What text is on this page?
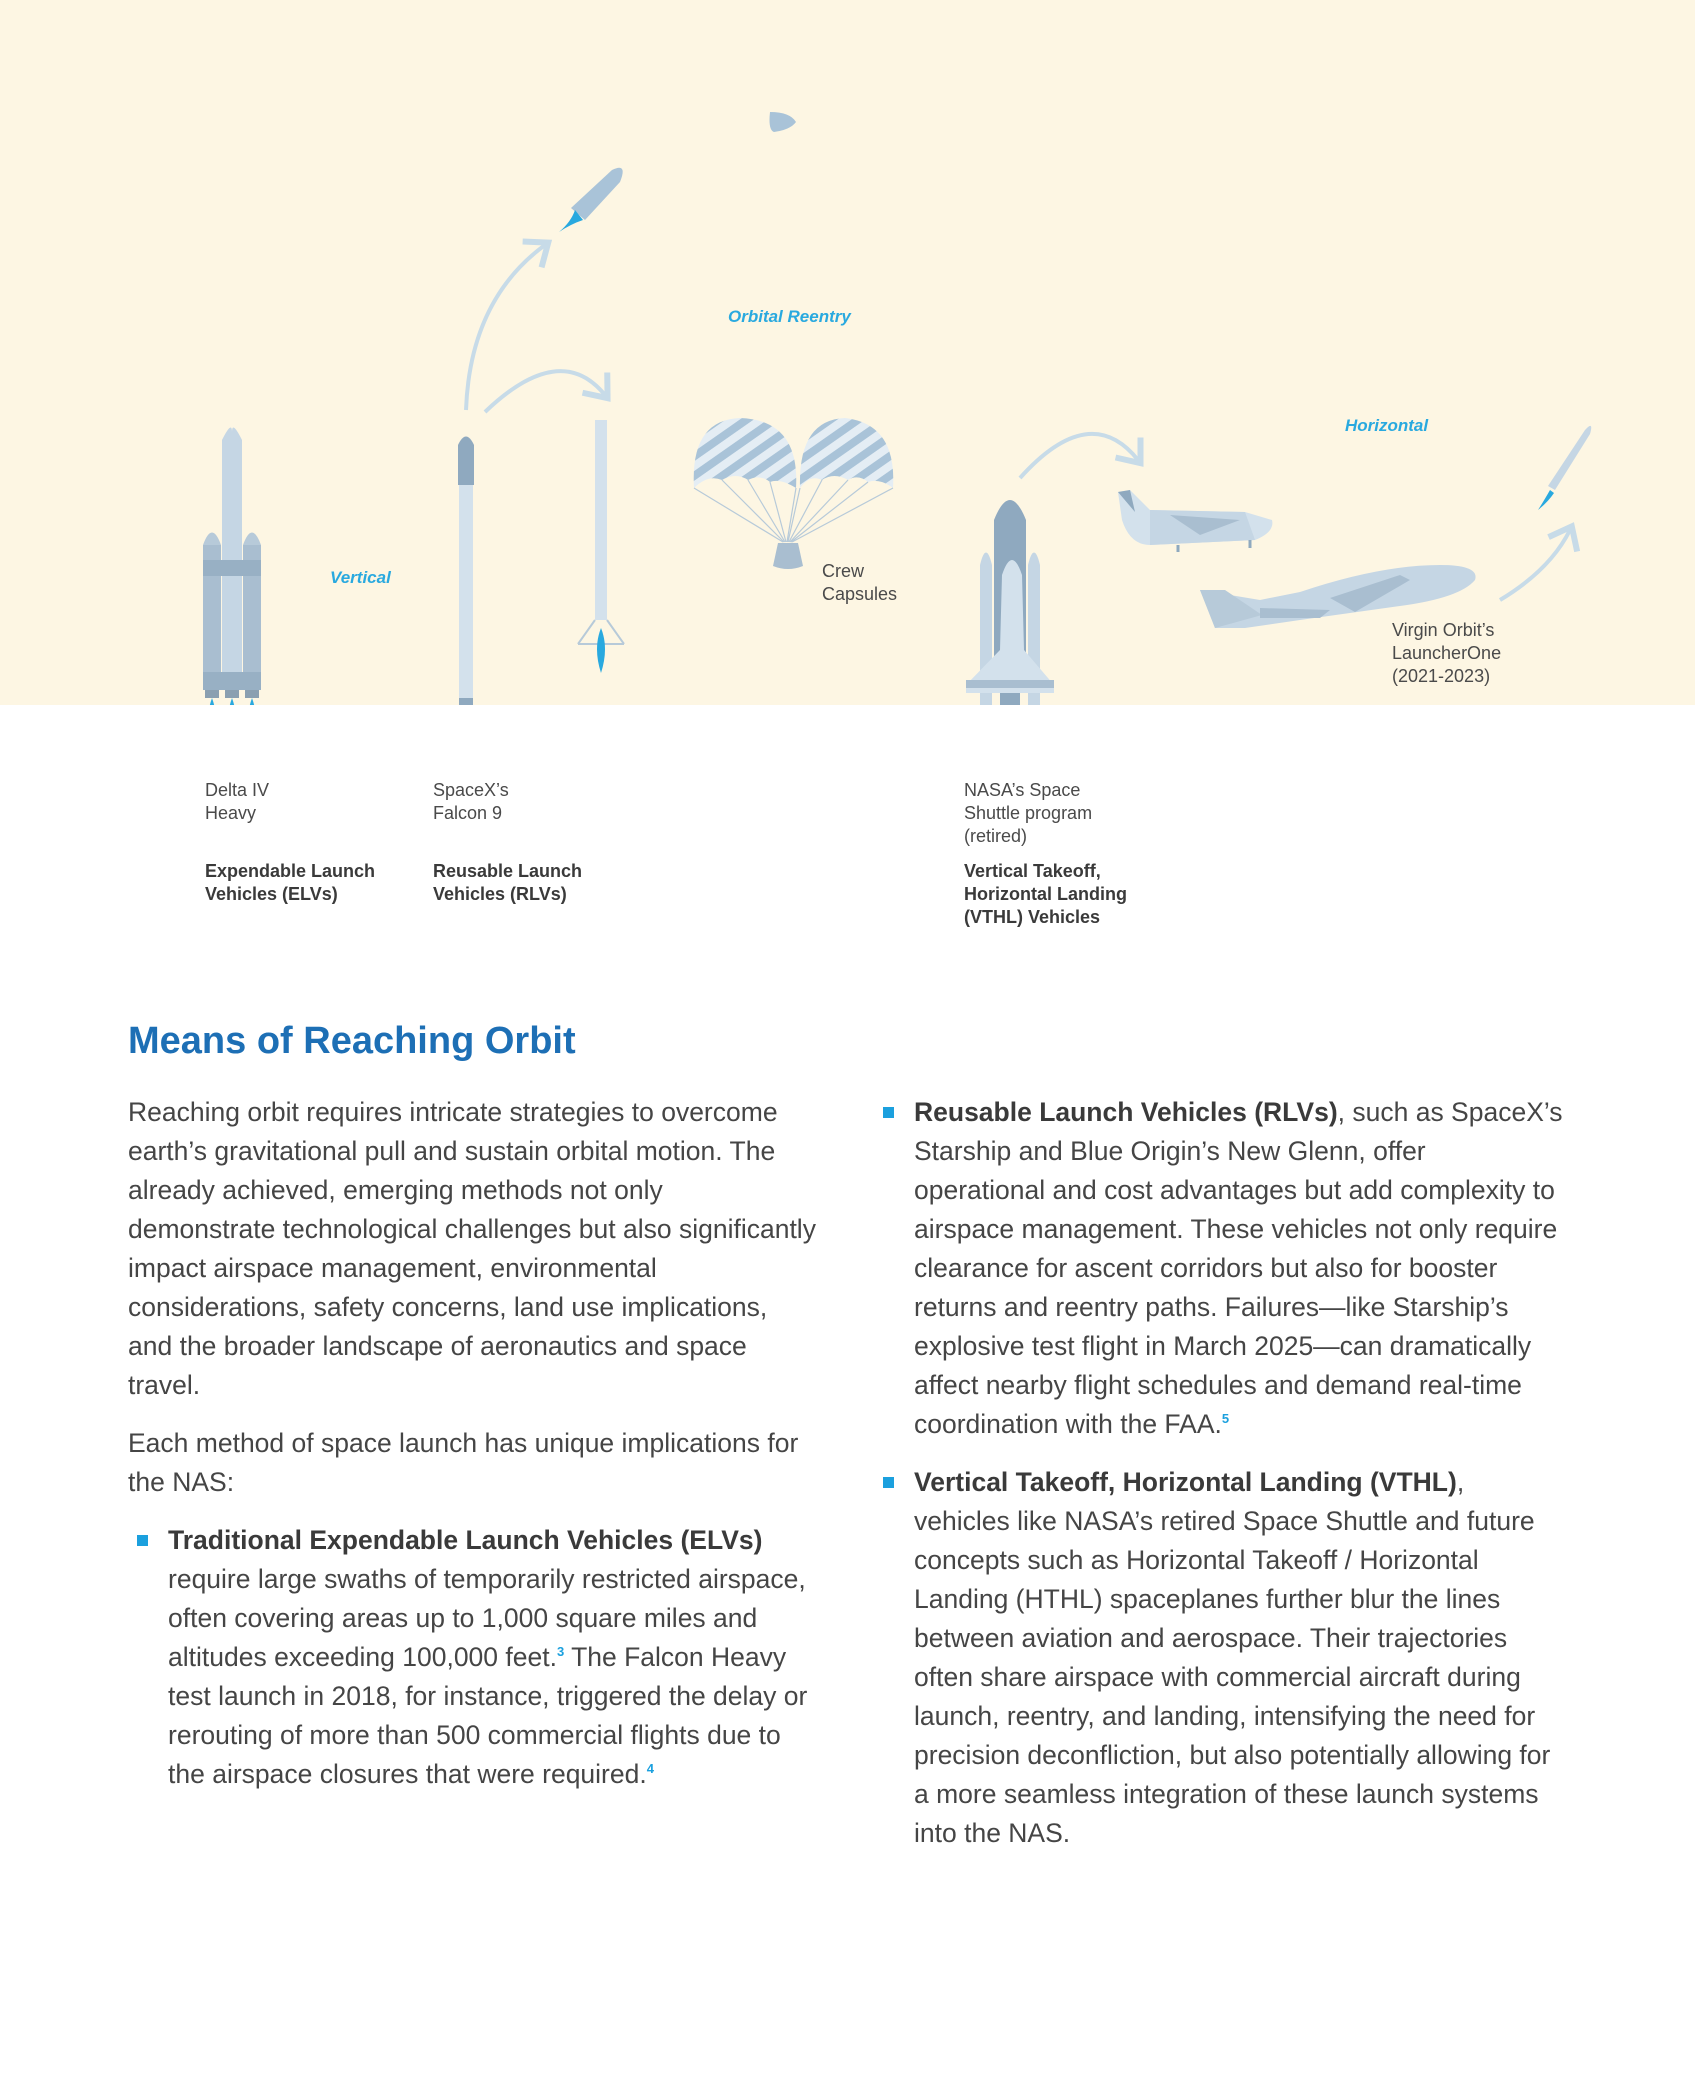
Vertical
Orbital Reentry
Horizontal
Delta IV
Heavy
SpaceX’s
Falcon 9
Crew
Capsules
NASA’s Space
Shuttle program
(retired)
Virgin Orbit’s
LauncherOne
(2021-2023)
Expendable Launch
Vehicles (ELVs)
Reusable Launch
Vehicles (RLVs)
Vertical Takeoff,
Horizontal Landing
(VTHL) Vehicles
Means of Reaching Orbit

Reaching orbit requires intricate strategies to overcome earth’s gravitational pull and sustain orbital motion. The already achieved, emerging methods not only demonstrate technological challenges but also significantly impact airspace management, environmental considerations, safety concerns, land use implications, and the broader landscape of aeronautics and space travel.

Each method of space launch has unique implications for the NAS:

Traditional Expendable Launch Vehicles (ELVs) require large swaths of temporarily restricted airspace, often covering areas up to 1,000 square miles and altitudes exceeding 100,000 feet.$^3$ The Falcon Heavy test launch in 2018, for instance, triggered the delay or rerouting of more than 500 commercial flights due to the airspace closures that were required.$^4$
Reusable Launch Vehicles (RLVs), such as SpaceX’s Starship and Blue Origin’s New Glenn, offer operational and cost advantages but add complexity to airspace management. These vehicles not only require clearance for ascent corridors but also for booster returns and reentry paths. Failures—like Starship’s explosive test flight in March 2025—can dramatically affect nearby flight schedules and demand real-time coordination with the FAA.$^5$
Vertical Takeoff, Horizontal Landing (VTHL), vehicles like NASA’s retired Space Shuttle and future concepts such as Horizontal Takeoff / Horizontal Landing (HTHL) spaceplanes further blur the lines between aviation and aerospace. Their trajectories often share airspace with commercial aircraft during launch, reentry, and landing, intensifying the need for precision deconfliction, but also potentially allowing for a more seamless integration of these launch systems into the NAS.
